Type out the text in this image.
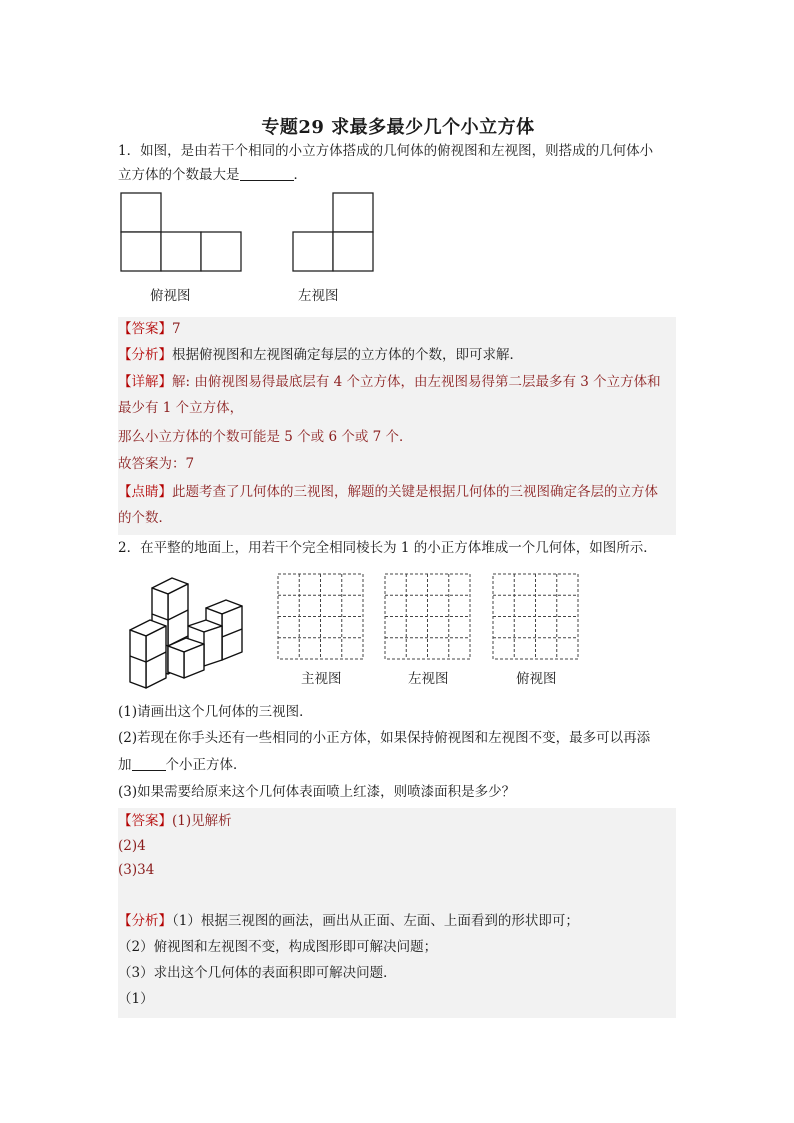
专题29 求最多最少几个小立方体
1．如图，是由若干个相同的小立方体搭成的几何体的俯视图和左视图，则搭成的几何体小
立方体的个数最大是	．
俯视图	左视图
【答案】7
【分析】根据俯视图和左视图确定每层的立方体的个数，即可求解．
【详解】解: 由俯视图易得最底层有 4 个立方体，由左视图易得第二层最多有 3 个立方体和
最少有 1 个立方体，
那么小立方体的个数可能是 5 个或 6 个或 7 个．
故答案为：7
【点睛】此题考查了几何体的三视图，解题的关键是根据几何体的三视图确定各层的立方体
的个数．
2．在平整的地面上，用若干个完全相同棱长为 1 的小正方体堆成一个几何体，如图所示．
主视图	左视图	俯视图
(1)请画出这个几何体的三视图．
(2)若现在你手头还有一些相同的小正方体，如果保持俯视图和左视图不变，最多可以再添
加	个小正方体．
(3)如果需要给原来这个几何体表面喷上红漆，则喷漆面积是多少？
【答案】(1)见解析
(2)4
(3)34
【分析】（1）根据三视图的画法，画出从正面、左面、上面看到的形状即可；
（2）俯视图和左视图不变，构成图形即可解决问题；
（3）求出这个几何体的表面积即可解决问题．
（1）
